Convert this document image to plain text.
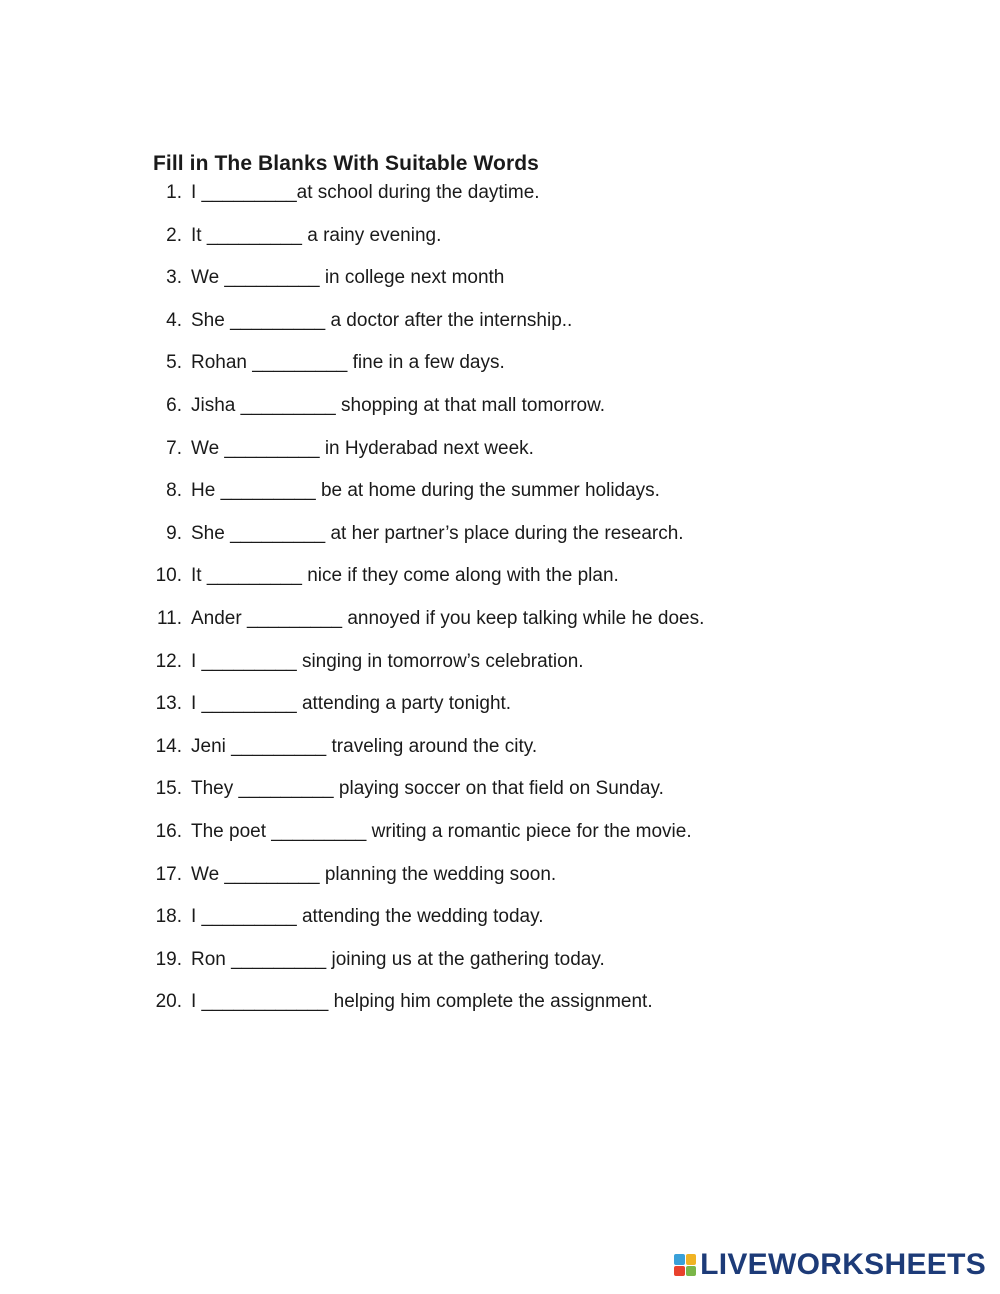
Fill in The Blanks With Suitable Words
1. I _________at school during the daytime.
2. It _________ a rainy evening.
3. We _________ in college next month
4. She _________ a doctor after the internship..
5. Rohan _________ fine in a few days.
6. Jisha _________ shopping at that mall tomorrow.
7. We _________ in Hyderabad next week.
8. He _________ be at home during the summer holidays.
9. She _________ at her partner’s place during the research.
10. It _________ nice if they come along with the plan.
11. Ander _________ annoyed if you keep talking while he does.
12. I _________ singing in tomorrow’s celebration.
13. I _________ attending a party tonight.
14. Jeni _________ traveling around the city.
15. They _________ playing soccer on that field on Sunday.
16. The poet _________ writing a romantic piece for the movie.
17. We _________ planning the wedding soon.
18. I _________ attending the wedding today.
19. Ron _________ joining us at the gathering today.
20. I ____________ helping him complete the assignment.
LIVEWORKSHEETS
